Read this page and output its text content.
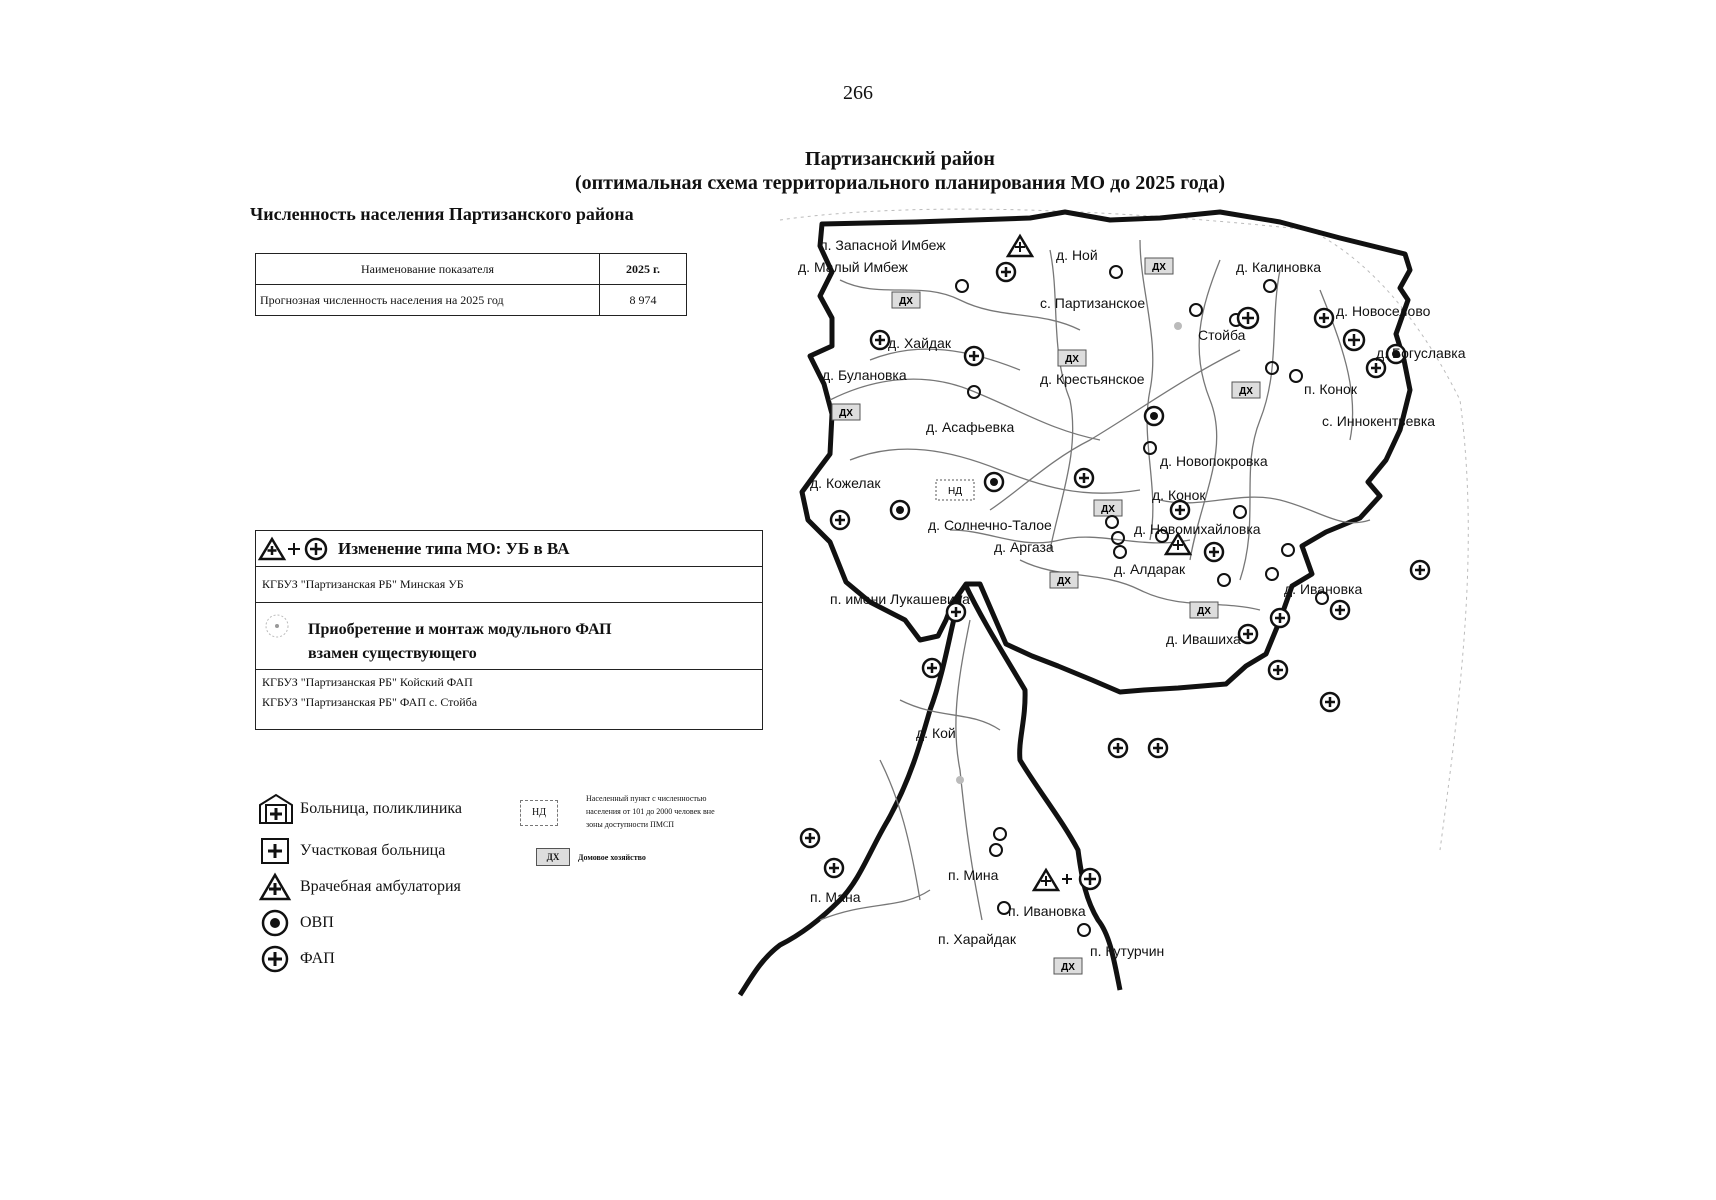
266
Партизанский район
(оптимальная схема территориального планирования МО до 2025 года)
Численность населения Партизанского района
Наименование показателя	2025 г.
Прогнозная численность населения на 2025 год	8 974
Изменение типа МО: УБ в ВА
КГБУЗ "Партизанская РБ" Минская УБ
Приобретение и монтаж модульного ФАП
взамен существующего
КГБУЗ "Партизанская РБ" Койский ФАП
КГБУЗ "Партизанская РБ" ФАП с. Стойба
Больница, поликлиника
Участковая больница
Врачебная амбулатория
ОВП
ФАП
НД
Населенный пункт с численностью
населения от 101 до 2000 человек вне
зоны доступности ПМСП
ДХ	Домовое хозяйство
ДХ
ДХ
ДХ
ДХ
ДХ
ДХ
ДХ
ДХ
ДХ
НД
п. Запасной Имбеж
д. Ной
д. Малый Имбеж	д. Калиновка
с. Партизанское	д. Новоселово
Стойба
д. Хайдак
д. Богуславка
д. Булановка	д. Крестьянское
п. Конок
с. Иннокентьевка
д. Асафьевка
д. Новопокровка
д. Кожелак
д. Конок
д. Солнечно-Талое	д. Новомихайловка
д. Аргаза
д. Алдарак
д. Ивановка
п. имени Лукашевича
д. Ивашиха
д. Кой
п. Мина
п. Мана
п. Ивановка
п. Харайдак
п. Кутурчин
